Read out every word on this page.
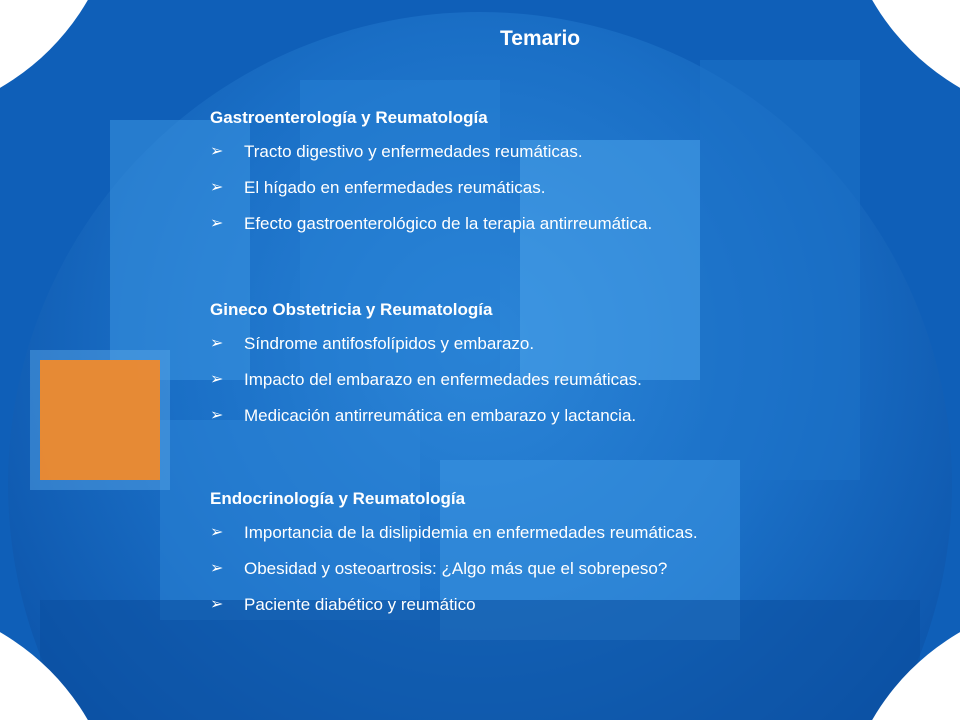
Temario
Gastroenterología y Reumatología
➢	Tracto digestivo y enfermedades reumáticas.
➢	El hígado en enfermedades reumáticas.
➢	Efecto gastroenterológico de la terapia antirreumática.
Gineco Obstetricia y Reumatología
➢	Síndrome antifosfolípidos y embarazo.
➢	Impacto del embarazo en enfermedades reumáticas.
➢	Medicación antirreumática en embarazo y lactancia.
Endocrinología y Reumatología
➢	Importancia de la dislipidemia en enfermedades reumáticas.
➢	Obesidad y osteoartrosis: ¿Algo más que el sobrepeso?
➢	Paciente diabético y reumático
